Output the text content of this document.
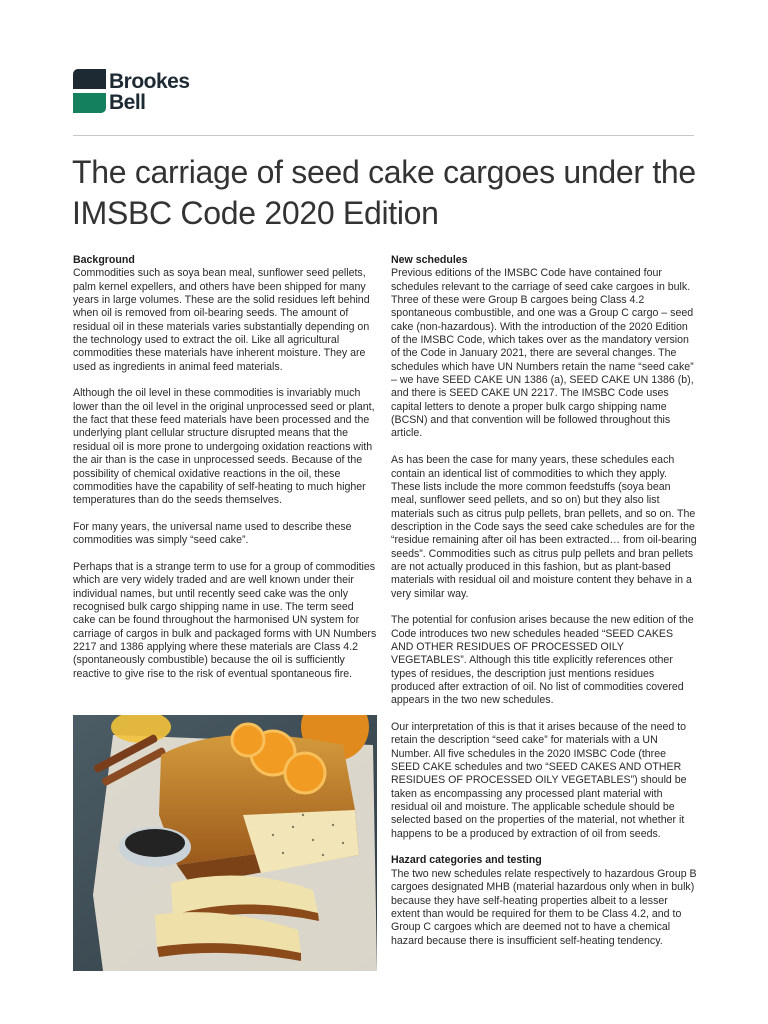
Brookes
Bell
The carriage of seed cake cargoes under the IMSBC Code 2020 Edition
Background

Commodities such as soya bean meal, sunflower seed pellets, palm kernel expellers, and others have been shipped for many years in large volumes. These are the solid residues left behind when oil is removed from oil-bearing seeds. The amount of residual oil in these materials varies substantially depending on the technology used to extract the oil. Like all agricultural commodities these materials have inherent moisture. They are used as ingredients in animal feed materials.

Although the oil level in these commodities is invariably much lower than the oil level in the original unprocessed seed or plant, the fact that these feed materials have been processed and the underlying plant cellular structure disrupted means that the residual oil is more prone to undergoing oxidation reactions with the air than is the case in unprocessed seeds. Because of the possibility of chemical oxidative reactions in the oil, these commodities have the capability of self-heating to much higher temperatures than do the seeds themselves.

For many years, the universal name used to describe these commodities was simply “seed cake”.

Perhaps that is a strange term to use for a group of commodities which are very widely traded and are well known under their individual names, but until recently seed cake was the only recognised bulk cargo shipping name in use. The term seed cake can be found throughout the harmonised UN system for carriage of cargos in bulk and packaged forms with UN Numbers 2217 and 1386 applying where these materials are Class 4.2 (spontaneously combustible) because the oil is sufficiently reactive to give rise to the risk of eventual spontaneous fire.

New schedules

Previous editions of the IMSBC Code have contained four schedules relevant to the carriage of seed cake cargoes in bulk. Three of these were Group B cargoes being Class 4.2 spontaneous combustible, and one was a Group C cargo – seed cake (non-hazardous). With the introduction of the 2020 Edition of the IMSBC Code, which takes over as the mandatory version of the Code in January 2021, there are several changes. The schedules which have UN Numbers retain the name “seed cake” – we have SEED CAKE UN 1386 (a), SEED CAKE UN 1386 (b), and there is SEED CAKE UN 2217. The IMSBC Code uses capital letters to denote a proper bulk cargo shipping name (BCSN) and that convention will be followed throughout this article.

As has been the case for many years, these schedules each contain an identical list of commodities to which they apply. These lists include the more common feedstuffs (soya bean meal, sunflower seed pellets, and so on) but they also list materials such as citrus pulp pellets, bran pellets, and so on. The description in the Code says the seed cake schedules are for the “residue remaining after oil has been extracted… from oil-bearing seeds”. Commodities such as citrus pulp pellets and bran pellets are not actually produced in this fashion, but as plant-based materials with residual oil and moisture content they behave in a very similar way.

The potential for confusion arises because the new edition of the Code introduces two new schedules headed “SEED CAKES AND OTHER RESIDUES OF PROCESSED OILY VEGETABLES”. Although this title explicitly references other types of residues, the description just mentions residues produced after extraction of oil. No list of commodities covered appears in the two new schedules.

Our interpretation of this is that it arises because of the need to retain the description “seed cake” for materials with a UN Number. All five schedules in the 2020 IMSBC Code (three SEED CAKE schedules and two “SEED CAKES AND OTHER RESIDUES OF PROCESSED OILY VEGETABLES”) should be taken as encompassing any processed plant material with residual oil and moisture. The applicable schedule should be selected based on the properties of the material, not whether it happens to be a produced by extraction of oil from seeds.

Hazard categories and testing

The two new schedules relate respectively to hazardous Group B cargoes designated MHB (material hazardous only when in bulk) because they have self-heating properties albeit to a lesser extent than would be required for them to be Class 4.2, and to Group C cargoes which are deemed not to have a chemical hazard because there is insufficient self-heating tendency.
